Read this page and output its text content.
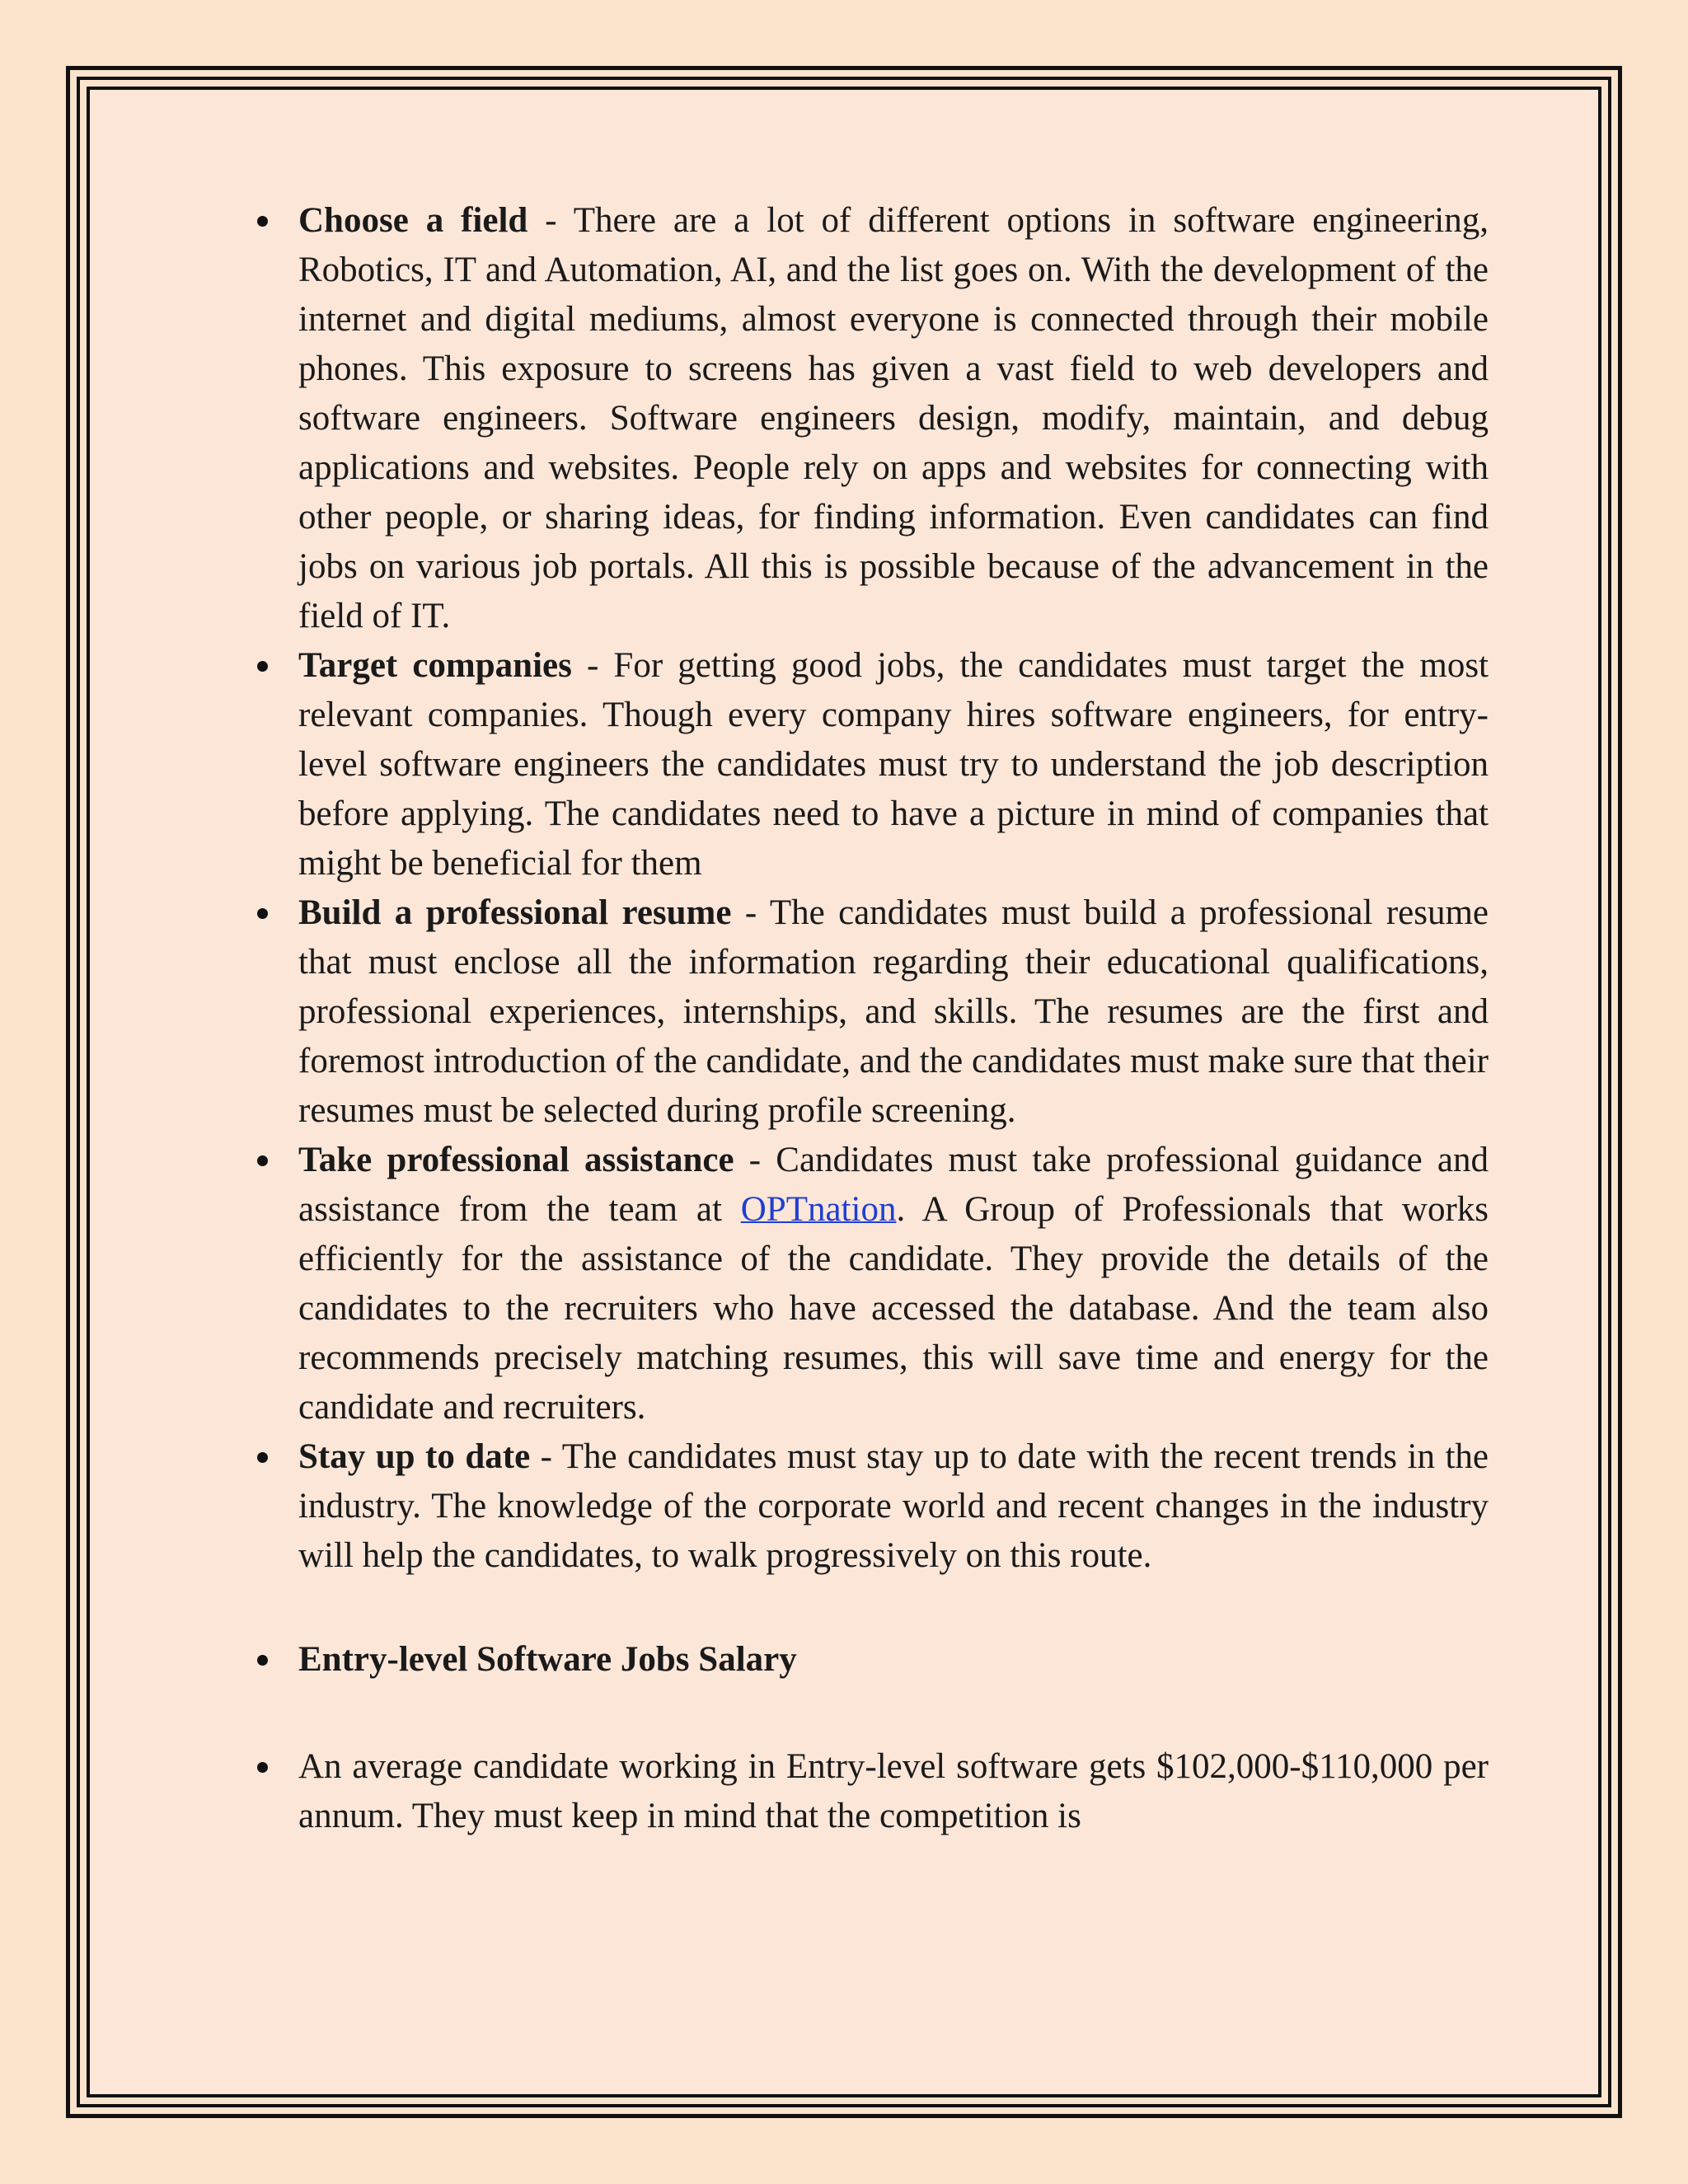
Choose a field - There are a lot of different options in software engineering, Robotics, IT and Automation, AI, and the list goes on. With the development of the internet and digital mediums, almost everyone is connected through their mobile phones. This exposure to screens has given a vast field to web developers and software engineers. Software engineers design, modify, maintain, and debug applications and websites. People rely on apps and websites for connecting with other people, or sharing ideas, for finding information. Even candidates can find jobs on various job portals. All this is possible because of the advancement in the field of IT.
Target companies - For getting good jobs, the candidates must target the most relevant companies. Though every company hires software engineers, for entry-level software engineers the candidates must try to understand the job description before applying. The candidates need to have a picture in mind of companies that might be beneficial for them
Build a professional resume - The candidates must build a professional resume that must enclose all the information regarding their educational qualifications, professional experiences, internships, and skills. The resumes are the first and foremost introduction of the candidate, and the candidates must make sure that their resumes must be selected during profile screening.
Take professional assistance - Candidates must take professional guidance and assistance from the team at OPTnation. A Group of Professionals that works efficiently for the assistance of the candidate. They provide the details of the candidates to the recruiters who have accessed the database. And the team also recommends precisely matching resumes, this will save time and energy for the candidate and recruiters.
Stay up to date - The candidates must stay up to date with the recent trends in the industry. The knowledge of the corporate world and recent changes in the industry will help the candidates, to walk progressively on this route.
Entry-level Software Jobs Salary
An average candidate working in Entry-level software gets $102,000-$110,000 per annum. They must keep in mind that the competition is
